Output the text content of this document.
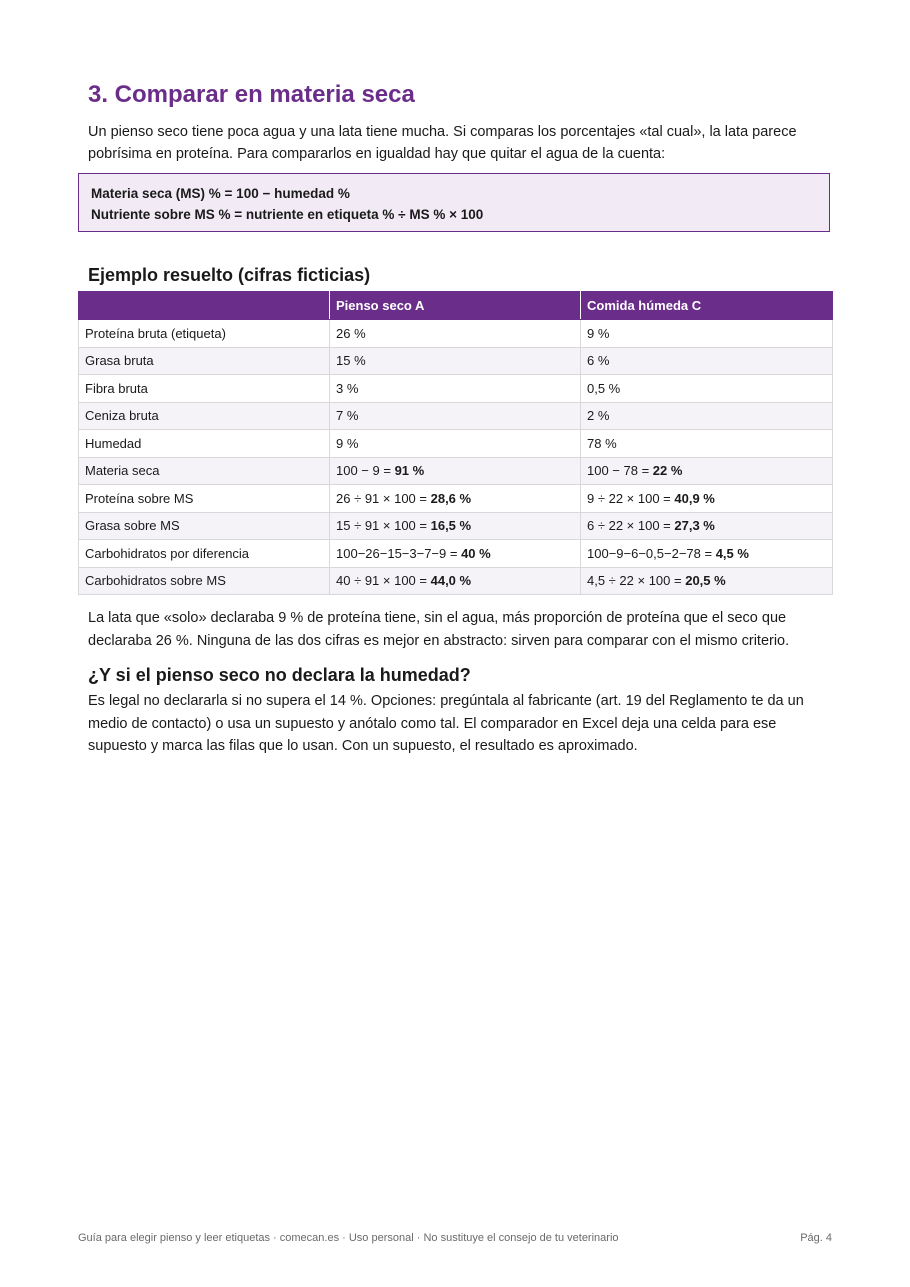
3. Comparar en materia seca

Un pienso seco tiene poca agua y una lata tiene mucha. Si comparas los porcentajes «tal cual», la lata parece pobrísima en proteína. Para compararlos en igualdad hay que quitar el agua de la cuenta:

Materia seca (MS) % = 100 − humedad %
Nutriente sobre MS % = nutriente en etiqueta % ÷ MS % × 100
Ejemplo resuelto (cifras ficticias)
	Pienso seco A	Comida húmeda C
Proteína bruta (etiqueta)	26 %	9 %
Grasa bruta	15 %	6 %
Fibra bruta	3 %	0,5 %
Ceniza bruta	7 %	2 %
Humedad	9 %	78 %
Materia seca	100 − 9 = 91 %	100 − 78 = 22 %
Proteína sobre MS	26 ÷ 91 × 100 = 28,6 %	9 ÷ 22 × 100 = 40,9 %
Grasa sobre MS	15 ÷ 91 × 100 = 16,5 %	6 ÷ 22 × 100 = 27,3 %
Carbohidratos por diferencia	100−26−15−3−7−9 = 40 %	100−9−6−0,5−2−78 = 4,5 %
Carbohidratos sobre MS	40 ÷ 91 × 100 = 44,0 %	4,5 ÷ 22 × 100 = 20,5 %

La lata que «solo» declaraba 9 % de proteína tiene, sin el agua, más proporción de proteína que el seco que declaraba 26 %. Ninguna de las dos cifras es mejor en abstracto: sirven para comparar con el mismo criterio.

¿Y si el pienso seco no declara la humedad?

Es legal no declararla si no supera el 14 %. Opciones: pregúntala al fabricante (art. 19 del Reglamento te da un medio de contacto) o usa un supuesto y anótalo como tal. El comparador en Excel deja una celda para ese supuesto y marca las filas que lo usan. Con un supuesto, el resultado es aproximado.

Guía para elegir pienso y leer etiquetas · comecan.es · Uso personal · No sustituye el consejo de tu veterinario	Pág. 4
